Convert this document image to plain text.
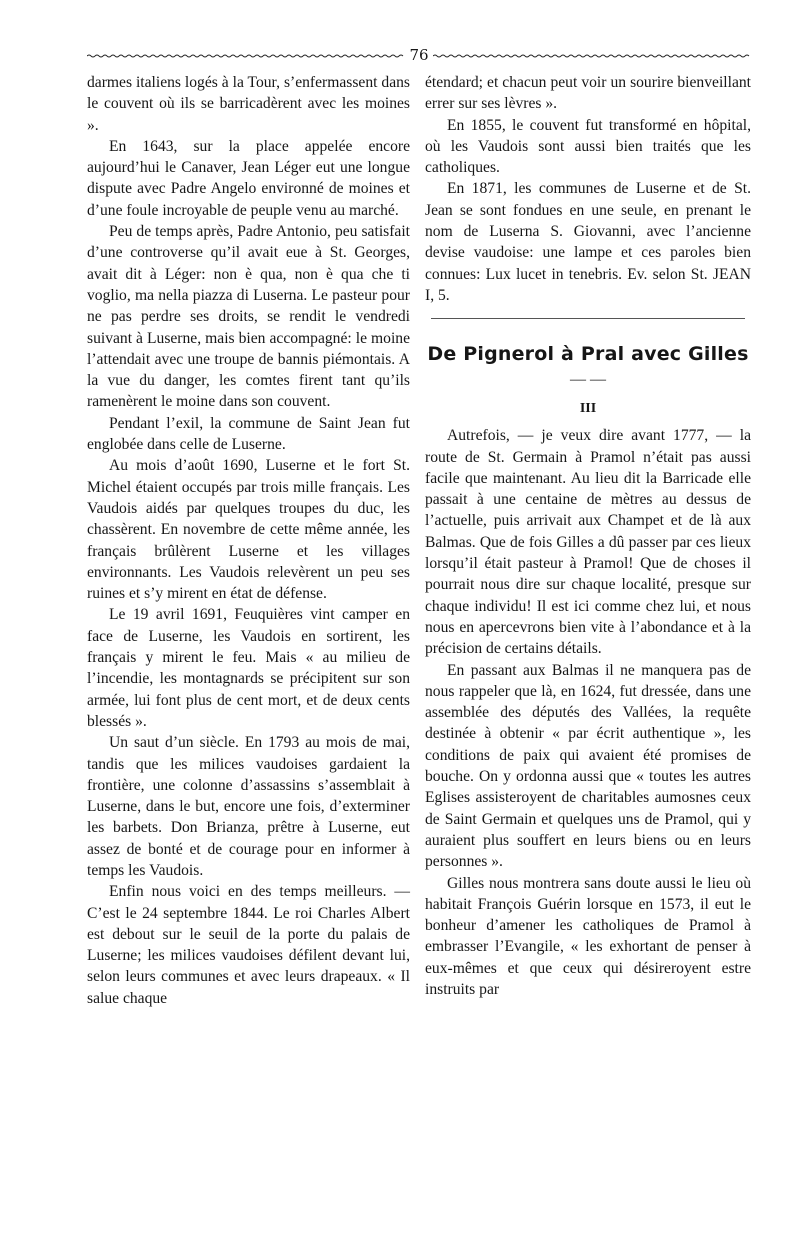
76

darmes italiens logés à la Tour, s’enfermassent dans le couvent où ils se barricadèrent avec les moines ».

En 1643, sur la place appelée encore aujourd’hui le Canaver, Jean Léger eut une longue dispute avec Padre Angelo environné de moines et d’une foule incroyable de peuple venu au marché.

Peu de temps après, Padre Antonio, peu satisfait d’une controverse qu’il avait eue à St. Georges, avait dit à Léger: non è qua, non è qua che ti voglio, ma nella piazza di Luserna. Le pasteur pour ne pas perdre ses droits, se rendit le vendredi suivant à Luserne, mais bien accompagné: le moine l’attendait avec une troupe de bannis piémontais. A la vue du danger, les comtes firent tant qu’ils ramenèrent le moine dans son couvent.

Pendant l’exil, la commune de Saint Jean fut englobée dans celle de Luserne.

Au mois d’août 1690, Luserne et le fort St. Michel étaient occupés par trois mille français. Les Vaudois aidés par quelques troupes du duc, les chassèrent. En novembre de cette même année, les français brûlèrent Luserne et les villages environnants. Les Vaudois relevèrent un peu ses ruines et s’y mirent en état de défense.

Le 19 avril 1691, Feuquières vint camper en face de Luserne, les Vaudois en sortirent, les français y mirent le feu. Mais « au milieu de l’incendie, les montagnards se précipitent sur son armée, lui font plus de cent mort, et de deux cents blessés ».

Un saut d’un siècle. En 1793 au mois de mai, tandis que les milices vaudoises gardaient la frontière, une colonne d’assassins s’assemblait à Luserne, dans le but, encore une fois, d’exterminer les barbets. Don Brianza, prêtre à Luserne, eut assez de bonté et de courage pour en informer à temps les Vaudois.

Enfin nous voici en des temps meilleurs. — C’est le 24 septembre 1844. Le roi Charles Albert est debout sur le seuil de la porte du palais de Luserne; les milices vaudoises défilent devant lui, selon leurs communes et avec leurs drapeaux. « Il salue chaque

étendard; et chacun peut voir un sourire bienveillant errer sur ses lèvres ».

En 1855, le couvent fut transformé en hôpital, où les Vaudois sont aussi bien traités que les catholiques.

En 1871, les communes de Luserne et de St. Jean se sont fondues en une seule, en prenant le nom de Luserna S. Giovanni, avec l’ancienne devise vaudoise: une lampe et ces paroles bien connues: Lux lucet in tenebris. Ev. selon St. JEAN I, 5.

De Pignerol à Pral avec Gilles
— —
III

Autrefois, — je veux dire avant 1777, — la route de St. Germain à Pramol n’était pas aussi facile que maintenant. Au lieu dit la Barricade elle passait à une centaine de mètres au dessus de l’actuelle, puis arrivait aux Champet et de là aux Balmas. Que de fois Gilles a dû passer par ces lieux lorsqu’il était pasteur à Pramol! Que de choses il pourrait nous dire sur chaque localité, presque sur chaque individu! Il est ici comme chez lui, et nous nous en apercevrons bien vite à l’abondance et à la précision de certains détails.

En passant aux Balmas il ne manquera pas de nous rappeler que là, en 1624, fut dressée, dans une assemblée des députés des Vallées, la requête destinée à obtenir « par écrit authentique », les conditions de paix qui avaient été promises de bouche. On y ordonna aussi que « toutes les autres Eglises assisteroyent de charitables aumosnes ceux de Saint Germain et quelques uns de Pramol, qui y auraient plus souffert en leurs biens ou en leurs personnes ».

Gilles nous montrera sans doute aussi le lieu où habitait François Guérin lorsque en 1573, il eut le bonheur d’amener les catholiques de Pramol à embrasser l’Evangile, « les exhortant de penser à eux-mêmes et que ceux qui désireroyent estre instruits par
